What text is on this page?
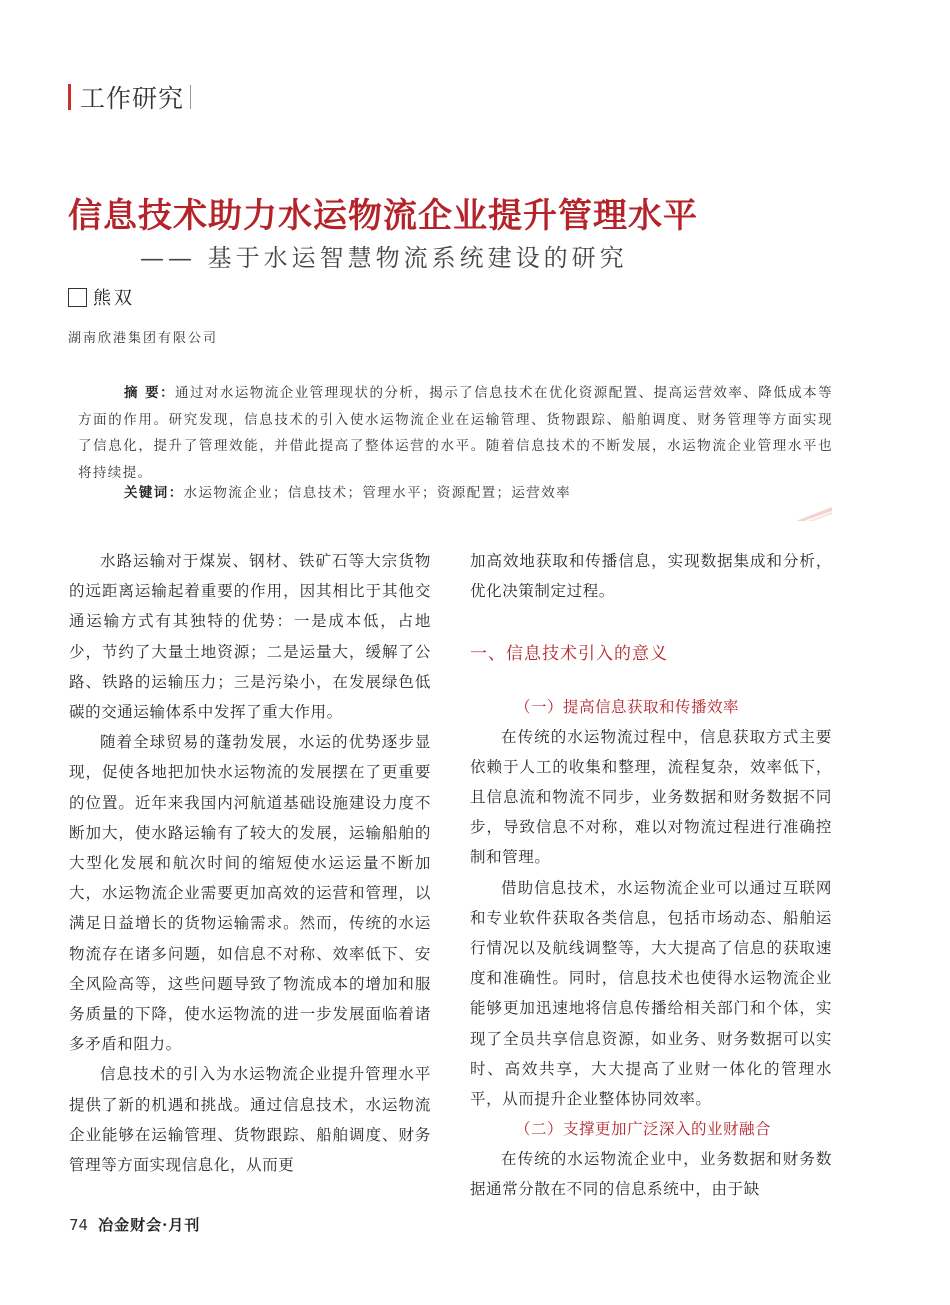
工作研究
信息技术助力水运物流企业提升管理水平
—— 基于水运智慧物流系统建设的研究
熊双
湖南欣港集团有限公司

摘 要：通过对水运物流企业管理现状的分析，揭示了信息技术在优化资源配置、提高运营效率、降低成本等方面的作用。研究发现，信息技术的引入使水运物流企业在运输管理、货物跟踪、船舶调度、财务管理等方面实现了信息化，提升了管理效能，并借此提高了整体运营的水平。随着信息技术的不断发展，水运物流企业管理水平也将持续提。

关键词：水运物流企业；信息技术；管理水平；资源配置；运营效率

水路运输对于煤炭、钢材、铁矿石等大宗货物的远距离运输起着重要的作用，因其相比于其他交通运输方式有其独特的优势：一是成本低，占地少，节约了大量土地资源；二是运量大，缓解了公路、铁路的运输压力；三是污染小，在发展绿色低碳的交通运输体系中发挥了重大作用。

随着全球贸易的蓬勃发展，水运的优势逐步显现，促使各地把加快水运物流的发展摆在了更重要的位置。近年来我国内河航道基础设施建设力度不断加大，使水路运输有了较大的发展，运输船舶的大型化发展和航次时间的缩短使水运运量不断加大，水运物流企业需要更加高效的运营和管理，以满足日益增长的货物运输需求。然而，传统的水运物流存在诸多问题，如信息不对称、效率低下、安全风险高等，这些问题导致了物流成本的增加和服务质量的下降，使水运物流的进一步发展面临着诸多矛盾和阻力。

信息技术的引入为水运物流企业提升管理水平提供了新的机遇和挑战。通过信息技术，水运物流企业能够在运输管理、货物跟踪、船舶调度、财务管理等方面实现信息化，从而更

加高效地获取和传播信息，实现数据集成和分析，优化决策制定过程。

一、信息技术引入的意义
（一）提高信息获取和传播效率

在传统的水运物流过程中，信息获取方式主要依赖于人工的收集和整理，流程复杂，效率低下，且信息流和物流不同步，业务数据和财务数据不同步，导致信息不对称，难以对物流过程进行准确控制和管理。

借助信息技术，水运物流企业可以通过互联网和专业软件获取各类信息，包括市场动态、船舶运行情况以及航线调整等，大大提高了信息的获取速度和准确性。同时，信息技术也使得水运物流企业能够更加迅速地将信息传播给相关部门和个体，实现了全员共享信息资源，如业务、财务数据可以实时、高效共享，大大提高了业财一体化的管理水平，从而提升企业整体协同效率。

（二）支撑更加广泛深入的业财融合

在传统的水运物流企业中，业务数据和财务数据通常分散在不同的信息系统中，由于缺

74 冶金财会·月刊
